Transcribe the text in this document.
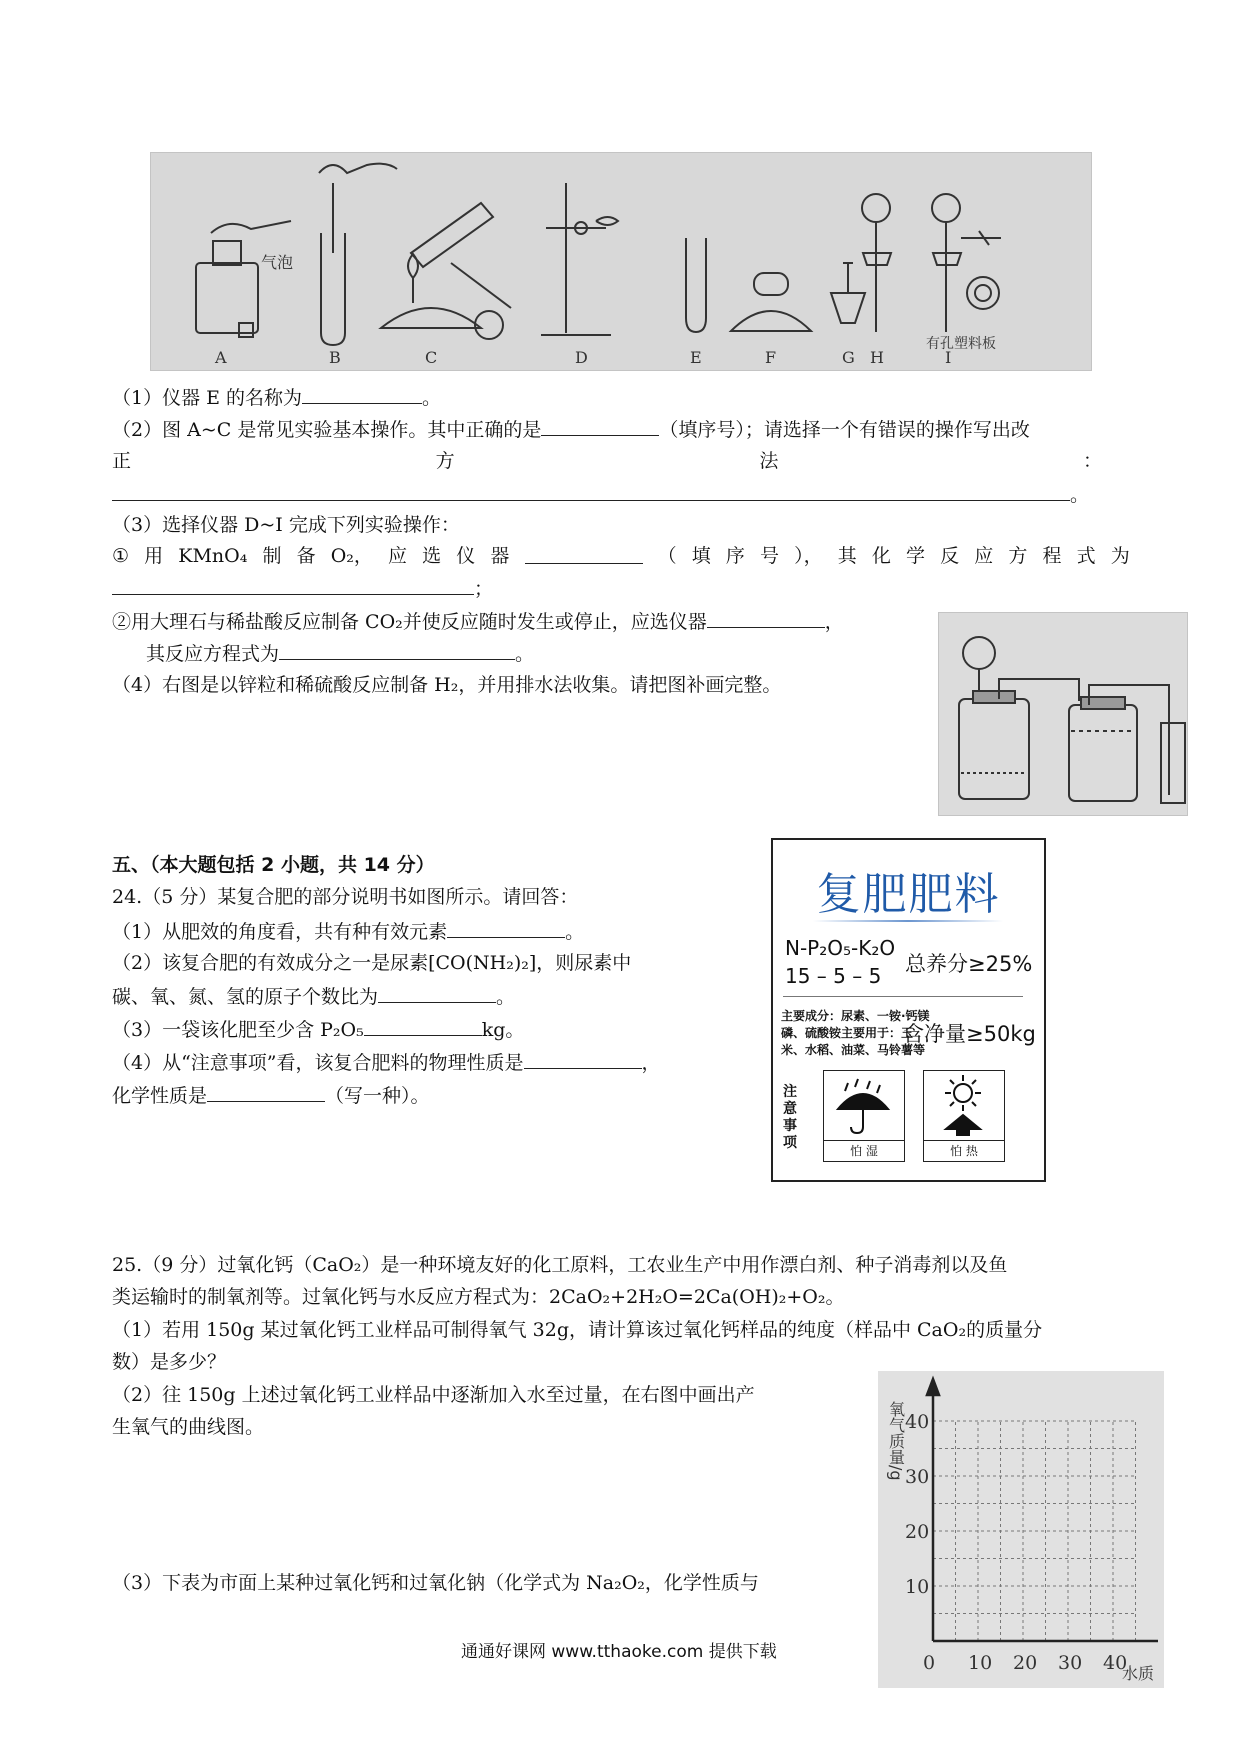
气泡
有孔塑料板
A	B	C	D	E	F	G H	I
（1）仪器 E 的名称为	。
（2）图 A~C 是常见实验基本操作。其中正确的是	（填序号）；请选择一个有错误的操作写出改
正	方	法	：
。
（3）选择仪器 D~I 完成下列实验操作：
① 用 KMnO₄ 制 备 O₂， 应 选 仪 器	（ 填 序 号 ）， 其 化 学 反 应 方 程 式 为
；
②用大理石与稀盐酸反应制备 CO₂并使反应随时发生或停止，应选仪器	，
其反应方程式为	。
（4）右图是以锌粒和稀硫酸反应制备 H₂，并用排水法收集。请把图补画完整。
五、（本大题包括 2 小题，共 14 分）
24.（5 分）某复合肥的部分说明书如图所示。请回答：
（1）从肥效的角度看，共有种有效元素	。
（2）该复合肥的有效成分之一是尿素[CO(NH₂)₂]，则尿素中
碳、氧、氮、氢的原子个数比为	。
（3）一袋该化肥至少含 P₂O₅	kg。
（4）从“注意事项”看，该复合肥料的物理性质是	，
化学性质是	（写一种）。
复肥肥料
N-P₂O₅-K₂O
15 – 5 – 5 总养分≥25%
主要成分：尿素、一铵·钙镁磷、硫酸铵主要用于：玉米、水稻、油菜、马铃薯等
含净量≥50kg
注意事项	怕 湿	怕 热
25.（9 分）过氧化钙（CaO₂）是一种环境友好的化工原料，工农业生产中用作漂白剂、种子消毒剂以及鱼
类运输时的制氧剂等。过氧化钙与水反应方程式为：2CaO₂+2H₂O=2Ca(OH)₂+O₂。
（1）若用 150g 某过氧化钙工业样品可制得氧气 32g，请计算该过氧化钙样品的纯度（样品中 CaO₂的质量分
数）是多少？
（2）往 150g 上述过氧化钙工业样品中逐渐加入水至过量，在右图中画出产
生氧气的曲线图。
（3）下表为市面上某种过氧化钙和过氧化钠（化学式为 Na₂O₂，化学性质与
氧气质量/g
水质
0 10 20 30 40
10
20
30
40
通通好课网 www.tthaoke.com 提供下载
